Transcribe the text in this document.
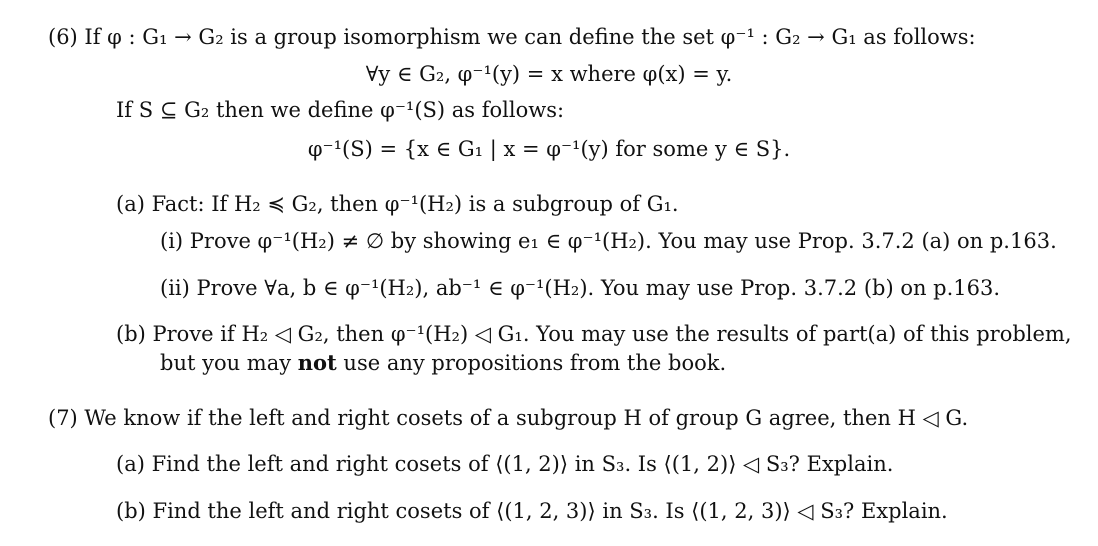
(6) If φ : G₁ → G₂ is a group isomorphism we can define the set φ⁻¹ : G₂ → G₁ as follows:
∀y ∈ G₂, φ⁻¹(y) = x where φ(x) = y.
If S ⊆ G₂ then we define φ⁻¹(S) as follows:
φ⁻¹(S) = {x ∈ G₁ | x = φ⁻¹(y) for some y ∈ S}.
(a) Fact: If H₂ ≼ G₂, then φ⁻¹(H₂) is a subgroup of G₁.
(i) Prove φ⁻¹(H₂) ≠ ∅ by showing e₁ ∈ φ⁻¹(H₂). You may use Prop. 3.7.2 (a) on p.163.
(ii) Prove ∀a, b ∈ φ⁻¹(H₂), ab⁻¹ ∈ φ⁻¹(H₂). You may use Prop. 3.7.2 (b) on p.163.
(b) Prove if H₂ ◁ G₂, then φ⁻¹(H₂) ◁ G₁. You may use the results of part(a) of this problem,
but you may not use any propositions from the book.
(7) We know if the left and right cosets of a subgroup H of group G agree, then H ◁ G.
(a) Find the left and right cosets of ⟨(1, 2)⟩ in S₃. Is ⟨(1, 2)⟩ ◁ S₃? Explain.
(b) Find the left and right cosets of ⟨(1, 2, 3)⟩ in S₃. Is ⟨(1, 2, 3)⟩ ◁ S₃? Explain.
